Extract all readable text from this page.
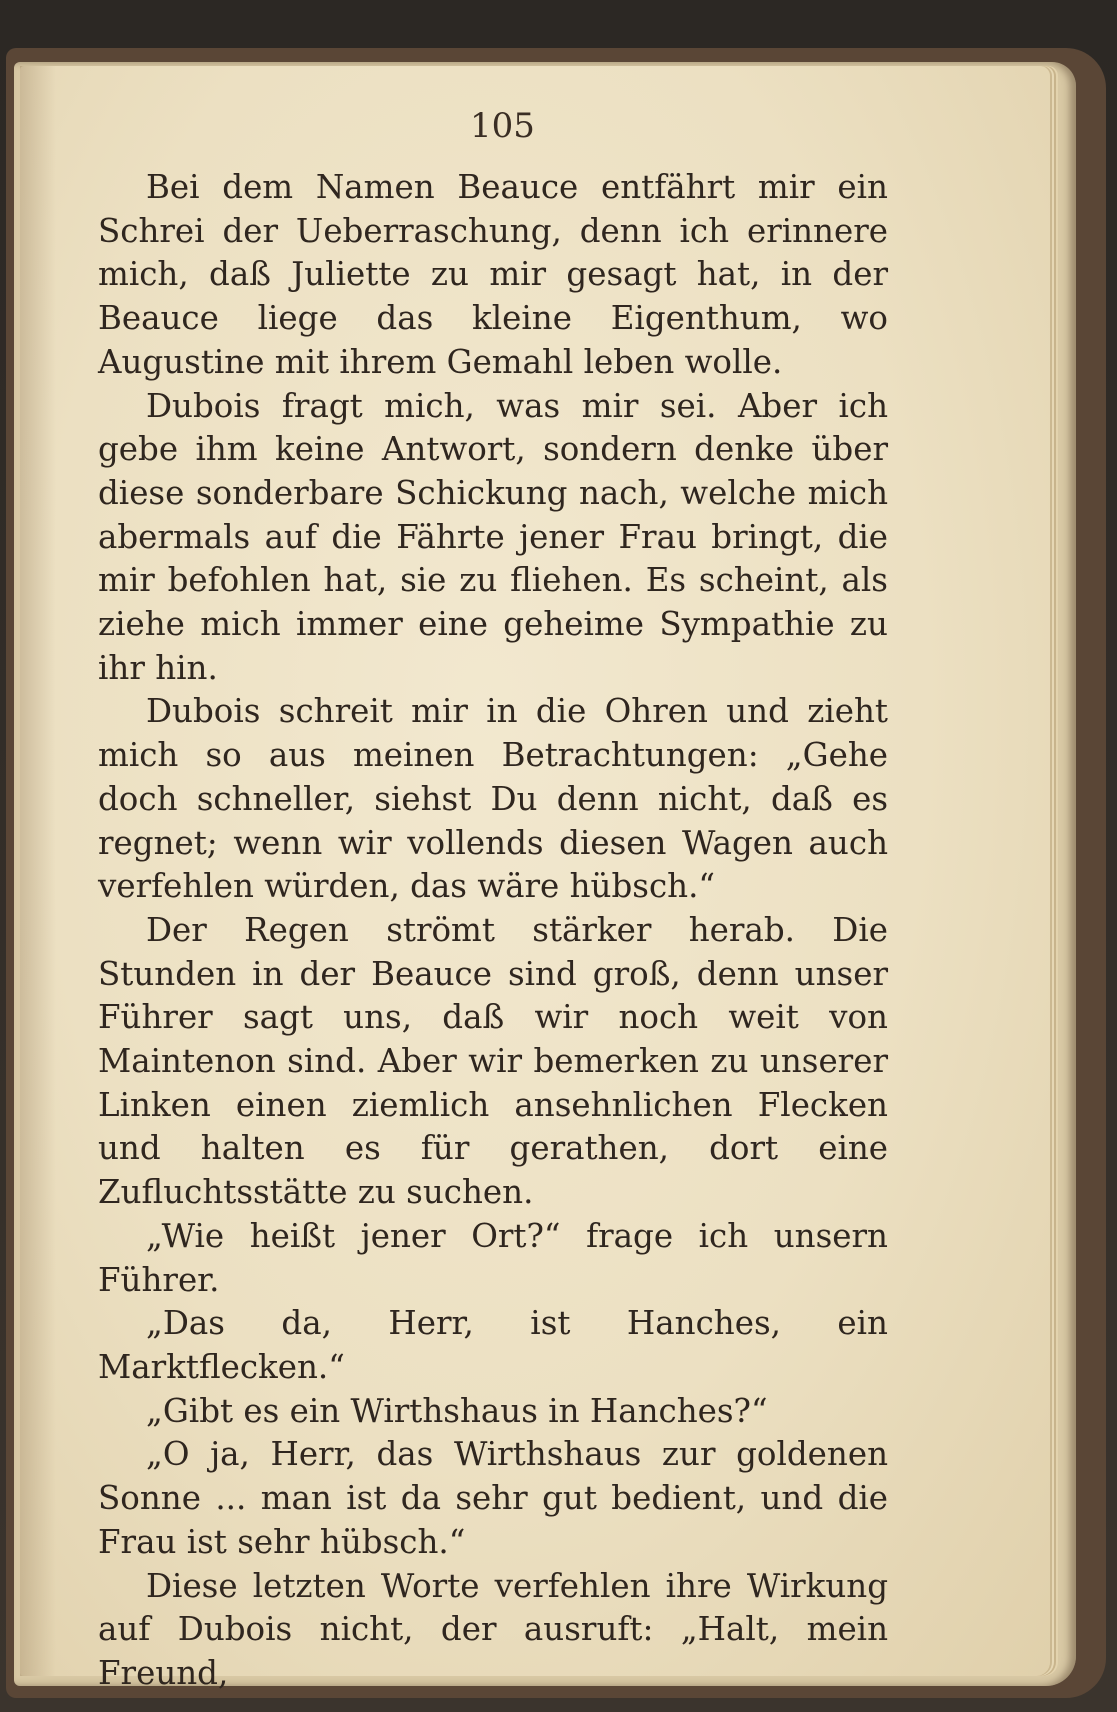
105

Bei dem Namen Beauce entfährt mir ein Schrei der Ueberraschung, denn ich erinnere mich, daß Juliette zu mir gesagt hat, in der Beauce liege das kleine Eigenthum, wo Augustine mit ihrem Gemahl leben wolle.

Dubois fragt mich, was mir sei. Aber ich gebe ihm keine Antwort, sondern denke über diese sonderbare Schickung nach, welche mich abermals auf die Fährte jener Frau bringt, die mir befohlen hat, sie zu fliehen. Es scheint, als ziehe mich immer eine geheime Sympathie zu ihr hin.

Dubois schreit mir in die Ohren und zieht mich so aus meinen Betrachtungen: „Gehe doch schneller, siehst Du denn nicht, daß es regnet; wenn wir vollends diesen Wagen auch verfehlen würden, das wäre hübsch.“

Der Regen strömt stärker herab. Die Stunden in der Beauce sind groß, denn unser Führer sagt uns, daß wir noch weit von Maintenon sind. Aber wir bemerken zu unserer Linken einen ziemlich ansehnlichen Flecken und halten es für gerathen, dort eine Zufluchtsstätte zu suchen.

„Wie heißt jener Ort?“ frage ich unsern Führer.

„Das da, Herr, ist Hanches, ein Marktflecken.“

„Gibt es ein Wirthshaus in Hanches?“

„O ja, Herr, das Wirthshaus zur goldenen Sonne ... man ist da sehr gut bedient, und die Frau ist sehr hübsch.“

Diese letzten Worte verfehlen ihre Wirkung auf Dubois nicht, der ausruft: „Halt, mein Freund,
